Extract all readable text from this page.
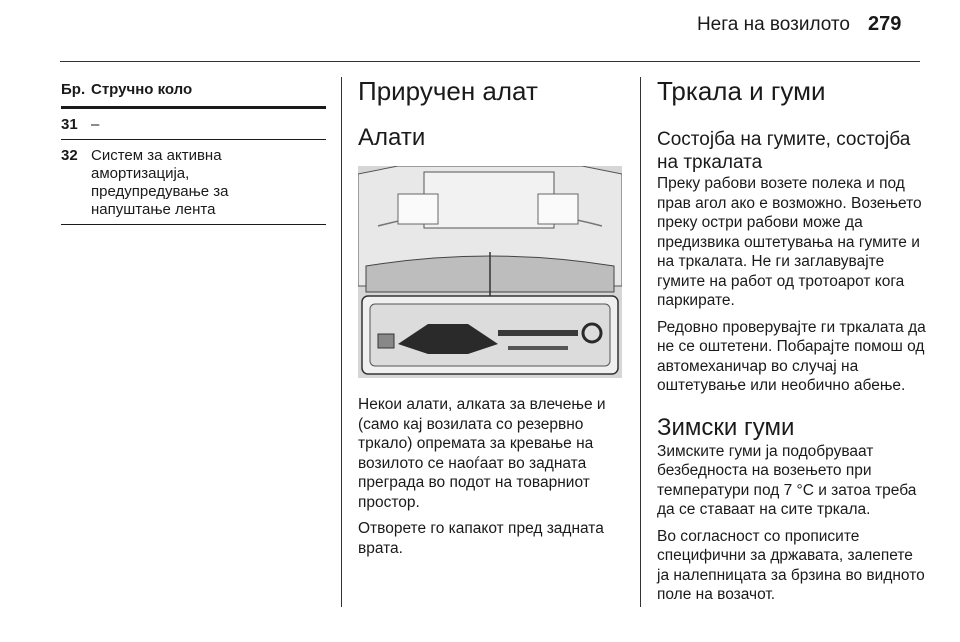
Нега на возилото 279
Бр. Стручно коло
31 –
32 Систем за активна амортизација, предупредување за напуштање лента
Приручен алат
Алати

Некои алати, алката за влечење и (само кај возилата со резервно тркало) опремата за кревање на возилото се наоѓаат во задната преграда во подот на товарниот простор.

Отворете го капакот пред задната врата.

Тркала и гуми
Состојба на гумите, состојба на тркалата

Преку рабови возете полека и под прав агол ако е возможно. Возењето преку остри рабови може да предизвика оштетувања на гумите и на тркалата. Не ги заглавувајте гумите на работ од тротоарот кога паркирате.

Редовно проверувајте ги тркалата да не се оштетени. Побарајте помош од автомеханичар во случај на оштетување или необично абење.

Зимски гуми

Зимските гуми ја подобруваат безбедноста на возењето при температури под 7 °C и затоа треба да се ставаат на сите тркала.

Во согласност со прописите специфични за државата, залепете ја налепницата за брзина во видното поле на возачот.
